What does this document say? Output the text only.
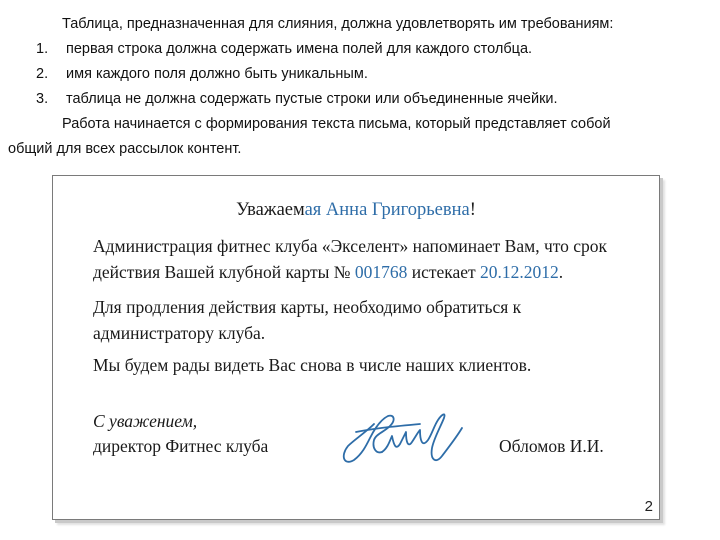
Таблица, предназначенная для слияния, должна удовлетворять им требованиям:

1.	первая строка должна содержать имена полей для каждого столбца.
2.	имя каждого поля должно быть уникальным.
3.	таблица не должна содержать пустые строки или объединенные ячейки.

Работа начинается с формирования текста письма, который представляет собой

общий для всех рассылок контент.

Уважаемая Анна Григорьевна!
Администрация фитнес клуба «Экселент» напоминает Вам, что срок действия Вашей клубной карты № 001768 истекает 20.12.2012.
Для продления действия карты, необходимо обратиться к администратору клуба.
Мы будем рады видеть Вас снова в числе наших клиентов.
С уважением,
директор Фитнес клуба	Обломов И.И.
2
